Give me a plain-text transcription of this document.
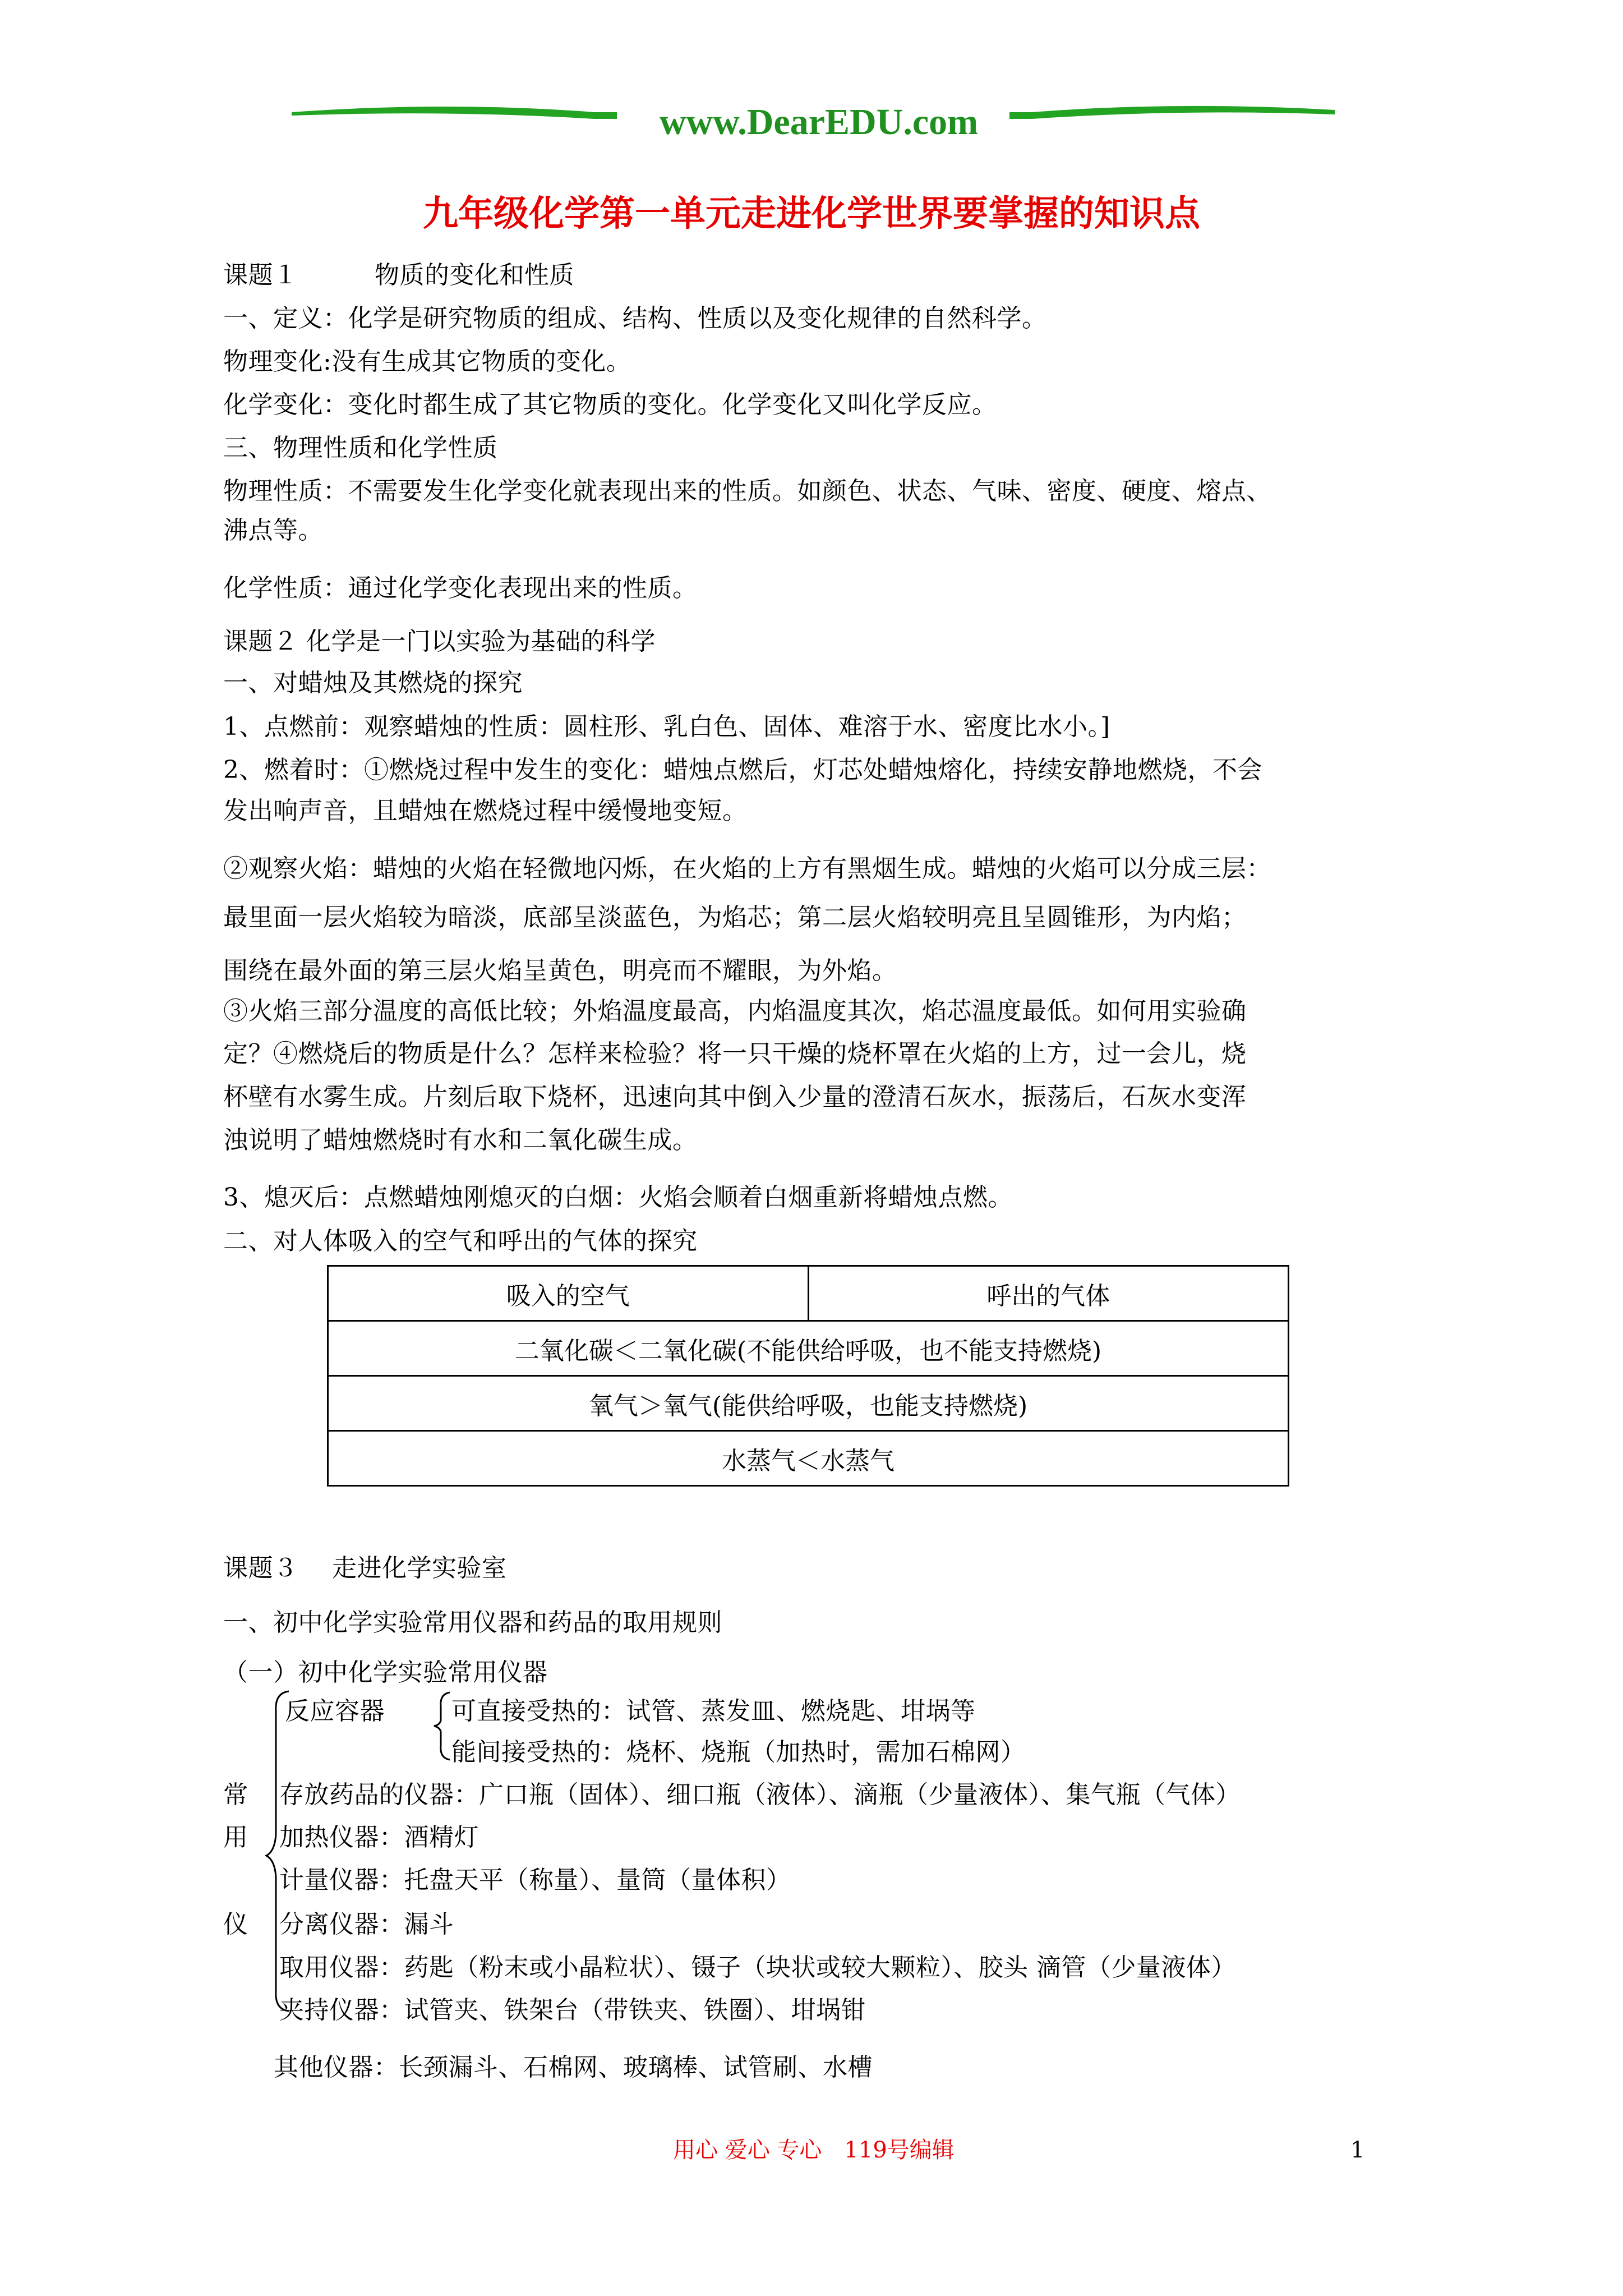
www.DearEDU.com
九年级化学第一单元走进化学世界要掌握的知识点
课题１	物质的变化和性质
一、定义：化学是研究物质的组成、结构、性质以及变化规律的自然科学。
物理变化:没有生成其它物质的变化。
化学变化：变化时都生成了其它物质的变化。化学变化又叫化学反应。
三、物理性质和化学性质
物理性质：不需要发生化学变化就表现出来的性质。如颜色、状态、气味、密度、硬度、熔点、
沸点等。
化学性质：通过化学变化表现出来的性质。
课题２ 化学是一门以实验为基础的科学
一、对蜡烛及其燃烧的探究
1、点燃前：观察蜡烛的性质：圆柱形、乳白色、固体、难溶于水、密度比水小。]
2、燃着时：①燃烧过程中发生的变化：蜡烛点燃后，灯芯处蜡烛熔化，持续安静地燃烧，不会
发出响声音，且蜡烛在燃烧过程中缓慢地变短。
②观察火焰：蜡烛的火焰在轻微地闪烁，在火焰的上方有黑烟生成。蜡烛的火焰可以分成三层：
最里面一层火焰较为暗淡，底部呈淡蓝色，为焰芯；第二层火焰较明亮且呈圆锥形，为内焰；
围绕在最外面的第三层火焰呈黄色，明亮而不耀眼，为外焰。
③火焰三部分温度的高低比较；外焰温度最高，内焰温度其次，焰芯温度最低。如何用实验确
定？④燃烧后的物质是什么？怎样来检验？将一只干燥的烧杯罩在火焰的上方，过一会儿，烧
杯壁有水雾生成。片刻后取下烧杯，迅速向其中倒入少量的澄清石灰水，振荡后，石灰水变浑
浊说明了蜡烛燃烧时有水和二氧化碳生成。
3、熄灭后：点燃蜡烛刚熄灭的白烟：火焰会顺着白烟重新将蜡烛点燃。
二、对人体吸入的空气和呼出的气体的探究
吸入的空气	呼出的气体
二氧化碳＜二氧化碳(不能供给呼吸，也不能支持燃烧)
氧气＞氧气(能供给呼吸，也能支持燃烧)
水蒸气＜水蒸气
课题３ 走进化学实验室
一、初中化学实验常用仪器和药品的取用规则
（一）初中化学实验常用仪器
反应容器	可直接受热的：试管、蒸发皿、燃烧匙、坩埚等
能间接受热的：烧杯、烧瓶（加热时，需加石棉网）
常
用
仪
存放药品的仪器：广口瓶（固体）、细口瓶（液体）、滴瓶（少量液体）、集气瓶（气体）
加热仪器：酒精灯
计量仪器：托盘天平（称量）、量筒（量体积）
分离仪器：漏斗
取用仪器：药匙（粉末或小晶粒状）、镊子（块状或较大颗粒）、胶头 滴管（少量液体）
夹持仪器：试管夹、铁架台（带铁夹、铁圈）、坩埚钳
其他仪器：长颈漏斗、石棉网、玻璃棒、试管刷、水槽
用心 爱心 专心　119号编辑	1
